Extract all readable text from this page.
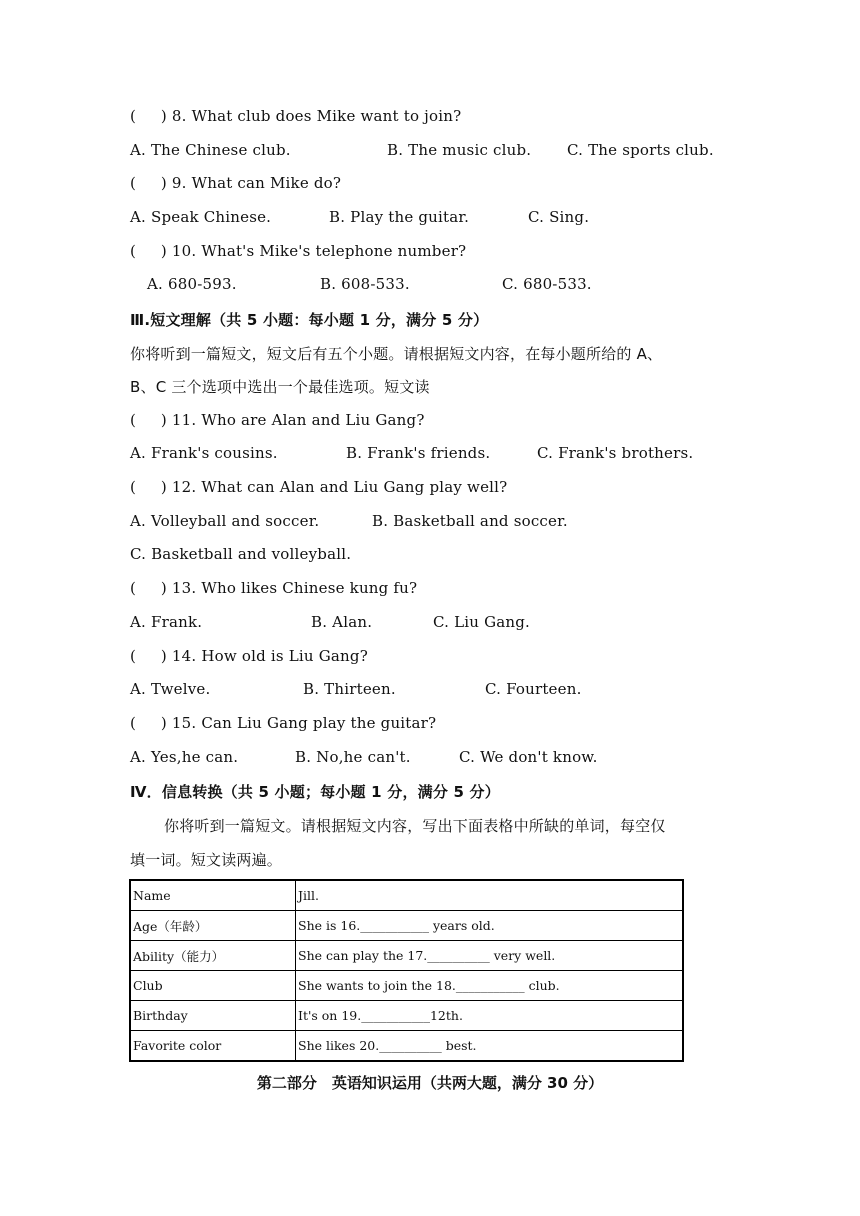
(     ) 8. What club does Mike want to join?
A. The Chinese club.	B. The music club. C. The sports club.
(     ) 9. What can Mike do?
A. Speak Chinese.	B. Play the guitar.	C. Sing.
(     ) 10. What's Mike's telephone number?
A. 680-593.	B. 608-533.	C. 680-533.
Ⅲ.短文理解（共 5 小题：每小题 1 分，满分 5 分）
你将听到一篇短文，短文后有五个小题。请根据短文内容，在每小题所给的 A、
B、C 三个选项中选出一个最佳选项。短文读
(     ) 11. Who are Alan and Liu Gang?
A. Frank's cousins.	B. Frank's friends.	C. Frank's brothers.
(     ) 12. What can Alan and Liu Gang play well?
A. Volleyball and soccer.	B. Basketball and soccer.
C. Basketball and volleyball.
(     ) 13. Who likes Chinese kung fu?
A. Frank.	B. Alan.	C. Liu Gang.
(     ) 14. How old is Liu Gang?
A. Twelve.	B. Thirteen.	C. Fourteen.
(     ) 15. Can Liu Gang play the guitar?
A. Yes,he can.	B. No,he can't.	C. We don't know.
Ⅳ．信息转换（共 5 小题；每小题 1 分，满分 5 分）
你将听到一篇短文。请根据短文内容，写出下面表格中所缺的单词，每空仅
填一词。短文读两遍。
Name	Jill.
Age（年龄）	She is 16.___________ years old.
Ability（能力）	She can play the 17.__________ very well.
Club	She wants to join the 18.___________ club.
Birthday	It's on 19.___________12th.
Favorite color	She likes 20.__________ best.
第二部分　英语知识运用（共两大题，满分 30 分）
